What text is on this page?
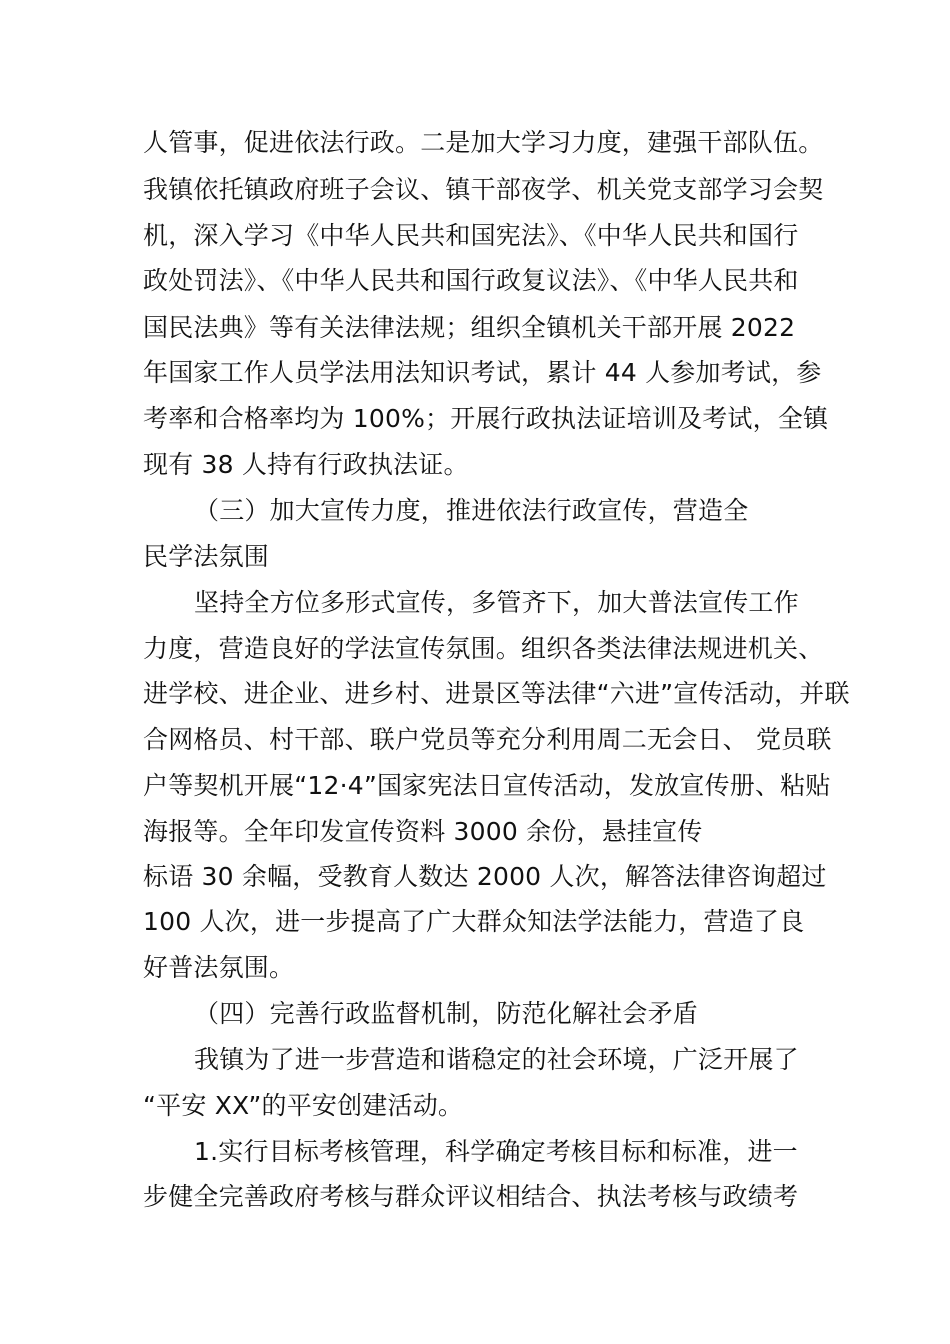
人管事，促进依法行政。二是加大学习力度，建强干部队伍。
我镇依托镇政府班子会议、镇干部夜学、机关党支部学习会契
机，深入学习《中华人民共和国宪法》、《中华人民共和国行
政处罚法》、《中华人民共和国行政复议法》、《中华人民共和
国民法典》等有关法律法规；组织全镇机关干部开展 2022
年国家工作人员学法用法知识考试，累计 44 人参加考试，参
考率和合格率均为 100%；开展行政执法证培训及考试，全镇
现有 38 人持有行政执法证。
（三）加大宣传力度，推进依法行政宣传，营造全
民学法氛围
坚持全方位多形式宣传，多管齐下，加大普法宣传工作
力度，营造良好的学法宣传氛围。组织各类法律法规进机关、
进学校、进企业、进乡村、进景区等法律“六进”宣传活动，并联
合网格员、村干部、联户党员等充分利用周二无会日、 党员联
户等契机开展“12·4”国家宪法日宣传活动，发放宣传册、粘贴
海报等。全年印发宣传资料 3000 余份，悬挂宣传
标语 30 余幅，受教育人数达 2000 人次，解答法律咨询超过
100 人次，进一步提高了广大群众知法学法能力，营造了良
好普法氛围。
（四）完善行政监督机制，防范化解社会矛盾
我镇为了进一步营造和谐稳定的社会环境，广泛开展了
“平安 XX”的平安创建活动。
1.实行目标考核管理，科学确定考核目标和标准，进一
步健全完善政府考核与群众评议相结合、执法考核与政绩考
